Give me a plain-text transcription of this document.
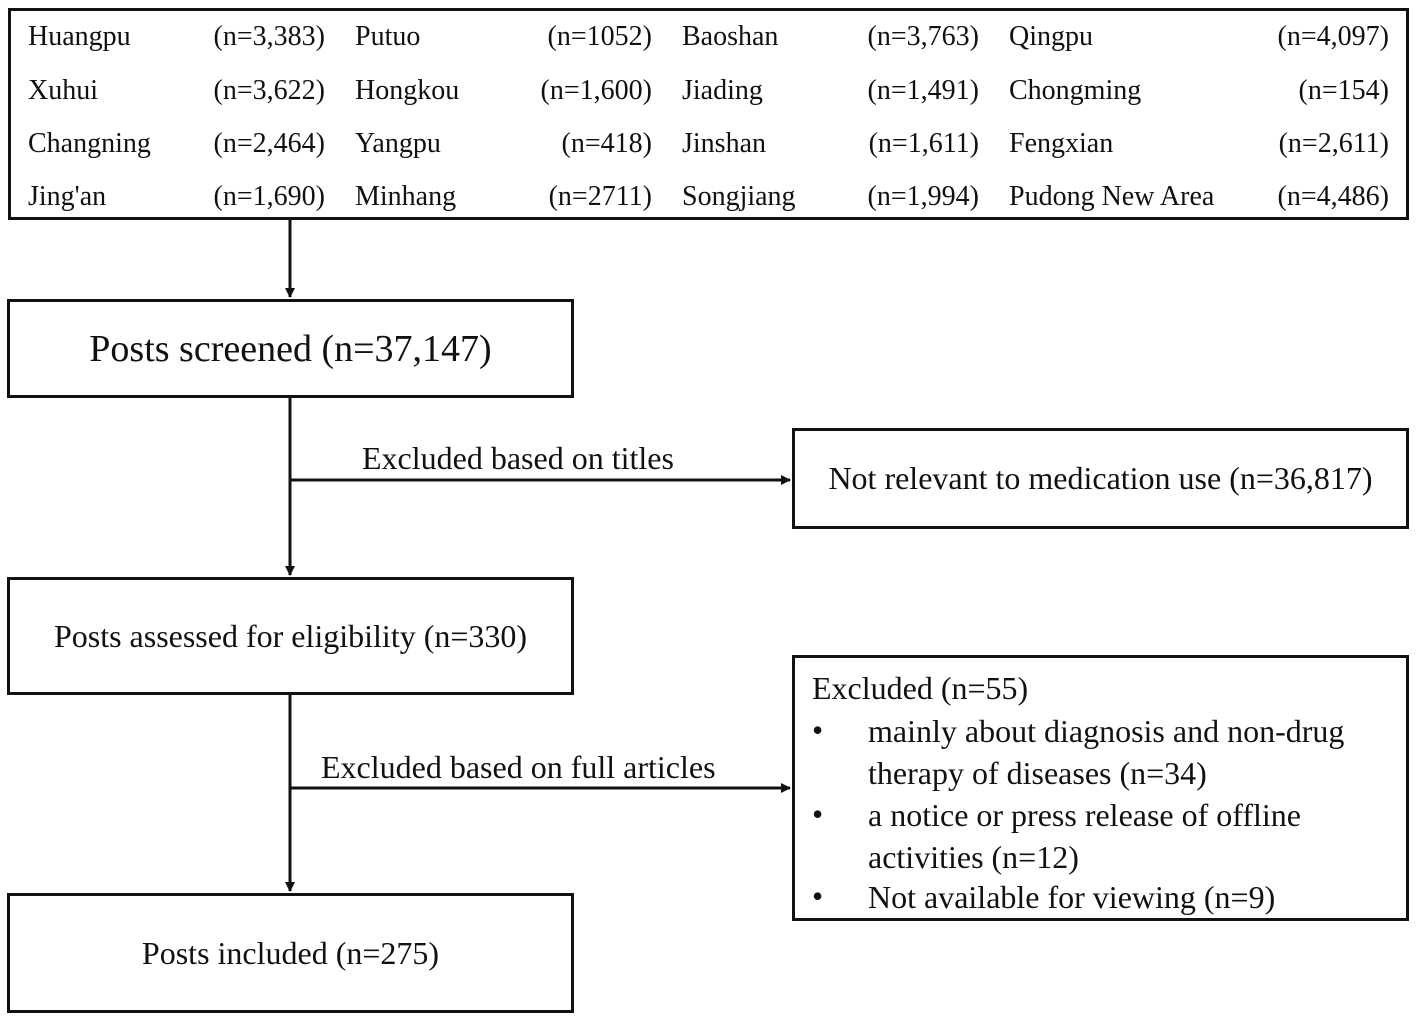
Huangpu	(n=3,383) Putuo	(n=1052) Baoshan	(n=3,763) Qingpu	(n=4,097)
Xuhui	(n=3,622) Hongkou	(n=1,600) Jiading	(n=1,491) Chongming	(n=154)
Changning (n=2,464) Yangpu	(n=418) Jinshan	(n=1,611) Fengxian	(n=2,611)
Jing'an	(n=1,690) Minhang	(n=2711) Songjiang	(n=1,994) Pudong New Area (n=4,486)
Posts screened (n=37,147)
Posts assessed for eligibility (n=330)
Posts included (n=275)
Not relevant to medication use (n=36,817)
Excluded (n=55)
•	mainly about diagnosis and non-drug therapy of diseases (n=34)
•	a notice or press release of offline activities (n=12)
•	Not available for viewing (n=9)
Excluded based on titles
Excluded based on full articles
